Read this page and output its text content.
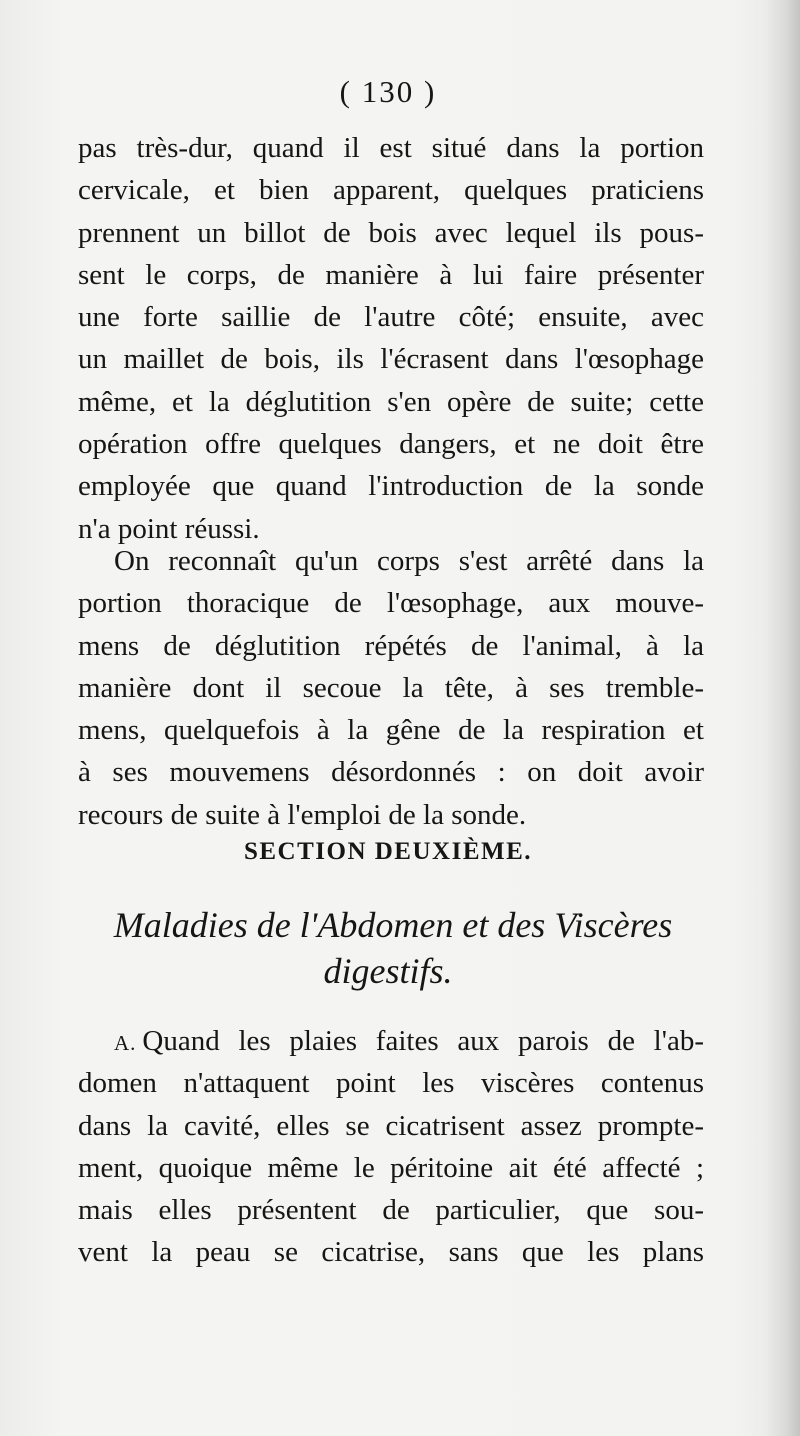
( 130 )
pas très-dur, quand il est situé dans la portion
cervicale, et bien apparent, quelques praticiens
prennent un billot de bois avec lequel ils pous-
sent le corps, de manière à lui faire présenter
une forte saillie de l'autre côté; ensuite, avec
un maillet de bois, ils l'écrasent dans l'œsophage
même, et la déglutition s'en opère de suite; cette
opération offre quelques dangers, et ne doit être
employée que quand l'introduction de la sonde
n'a point réussi.
On reconnaît qu'un corps s'est arrêté dans la
portion thoracique de l'œsophage, aux mouve-
mens de déglutition répétés de l'animal, à la
manière dont il secoue la tête, à ses tremble-
mens, quelquefois à la gêne de la respiration et
à ses mouvemens désordonnés : on doit avoir
recours de suite à l'emploi de la sonde.
SECTION DEUXIÈME.
Maladies de l'Abdomen et des Viscères
digestifs.
A. Quand les plaies faites aux parois de l'ab-
domen n'attaquent point les viscères contenus
dans la cavité, elles se cicatrisent assez prompte-
ment, quoique même le péritoine ait été affecté ;
mais elles présentent de particulier, que sou-
vent la peau se cicatrise, sans que les plans
